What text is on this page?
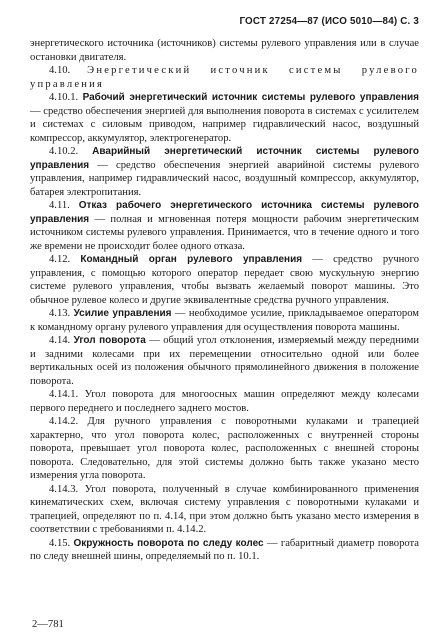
ГОСТ 27254—87 (ИСО 5010—84) С. 3

энергетического источника (источников) системы рулевого управления или в случае остановки двигателя.

4.10. Энергетический источник системы рулевого управления

4.10.1. Рабочий энергетический источник системы рулевого управления — средство обеспечения энергией для выполнения поворота в системах с усилителем и системах с силовым приводом, например гидравлический насос, воздушный компрессор, аккумулятор, электрогенератор.

4.10.2. Аварийный энергетический источник системы рулевого управления — средство обеспечения энергией аварийной системы рулевого управления, например гидравлический насос, воздушный компрессор, аккумулятор, батарея электропитания.

4.11. Отказ рабочего энергетического источника системы рулевого управления — полная и мгновенная потеря мощности рабочим энергетическим источником системы рулевого управления. Принимается, что в течение одного и того же времени не происходит более одного отказа.

4.12. Командный орган рулевого управления — средство ручного управления, с помощью которого оператор передает свою мускульную энергию системе рулевого управления, чтобы вызвать желаемый поворот машины. Это обычное рулевое колесо и другие эквивалентные средства ручного управления.

4.13. Усилие управления — необходимое усилие, прикладываемое оператором к командному органу рулевого управления для осуществления поворота машины.

4.14. Угол поворота — общий угол отклонения, измеряемый между передними и задними колесами при их перемещении относительно одной или более вертикальных осей из положения обычного прямолинейного движения в положение поворота.

4.14.1. Угол поворота для многоосных машин определяют между колесами первого переднего и последнего заднего мостов.

4.14.2. Для ручного управления с поворотными кулаками и трапецией характерно, что угол поворота колес, расположенных с внутренней стороны поворота, превышает угол поворота колес, расположенных с внешней стороны поворота. Следовательно, для этой системы должно быть также указано место измерения угла поворота.

4.14.3. Угол поворота, полученный в случае комбинированного применения кинематических схем, включая систему управления с поворотными кулаками и трапецией, определяют по п. 4.14, при этом должно быть указано место измерения в соответствии с требованиями п. 4.14.2.

4.15. Окружность поворота по следу колес — габаритный диаметр поворота по следу внешней шины, определяемый по п. 10.1.

2—781
